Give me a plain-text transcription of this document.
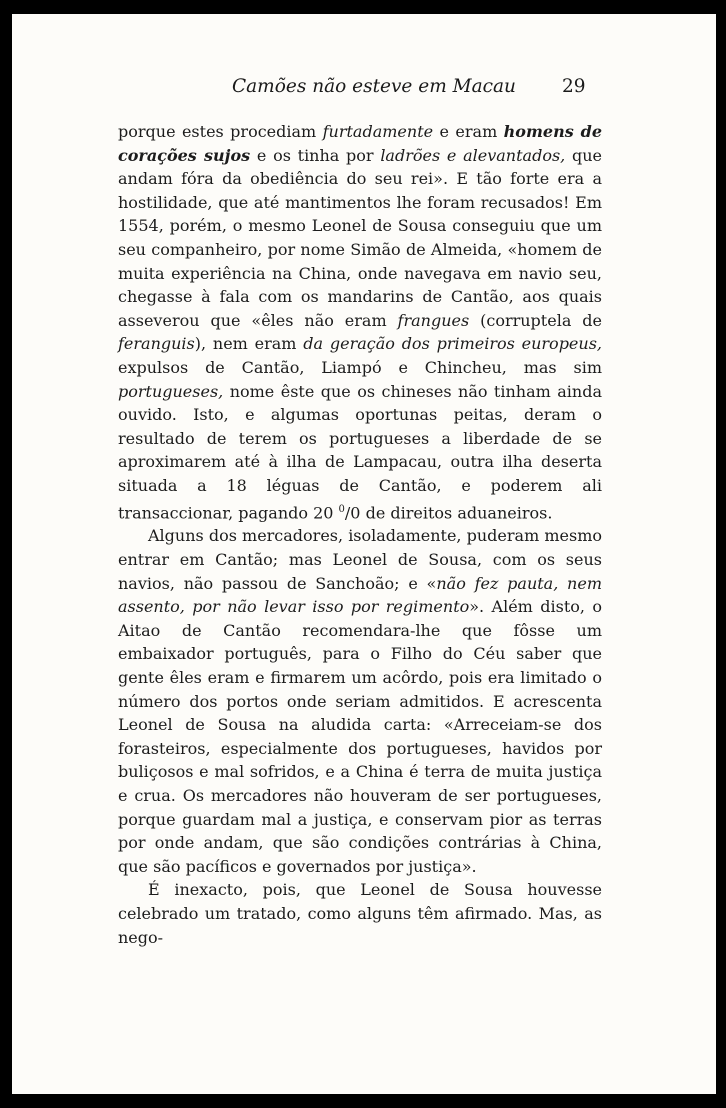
Camões não esteve em Macau 29

porque estes procediam furtadamente e eram homens de corações sujos e os tinha por ladrões e alevantados, que andam fóra da obediência do seu rei». E tão forte era a hostilidade, que até mantimentos lhe foram recusados! Em 1554, porém, o mesmo Leonel de Sousa conseguiu que um seu companheiro, por nome Simão de Almeida, «homem de muita experiência na China, onde navegava em navio seu, chegasse à fala com os mandarins de Cantão, aos quais asseverou que «êles não eram frangues (corruptela de feranguis), nem eram da geração dos primeiros europeus, expulsos de Cantão, Liampó e Chincheu, mas sim portugueses, nome êste que os chineses não tinham ainda ouvido. Isto, e algumas oportunas peitas, deram o resultado de terem os portugueses a liberdade de se aproximarem até à ilha de Lampacau, outra ilha deserta situada a 18 léguas de Cantão, e poderem ali transaccionar, pagando 20 $^0$/0 de direitos aduaneiros.

Alguns dos mercadores, isoladamente, puderam mesmo entrar em Cantão; mas Leonel de Sousa, com os seus navios, não passou de Sanchoão; e «não fez pauta, nem assento, por não levar isso por regimento». Além disto, o Aitao de Cantão recomendara-lhe que fôsse um embaixador português, para o Filho do Céu saber que gente êles eram e firmarem um acôrdo, pois era limitado o número dos portos onde seriam admitidos. E acrescenta Leonel de Sousa na aludida carta: «Arreceiam-se dos forasteiros, especialmente dos portugueses, havidos por buliçosos e mal sofridos, e a China é terra de muita justiça e crua. Os mercadores não houveram de ser portugueses, porque guardam mal a justiça, e conservam pior as terras por onde andam, que são condições contrárias à China, que são pacíficos e governados por justiça».

É inexacto, pois, que Leonel de Sousa houvesse celebrado um tratado, como alguns têm afirmado. Mas, as nego-
